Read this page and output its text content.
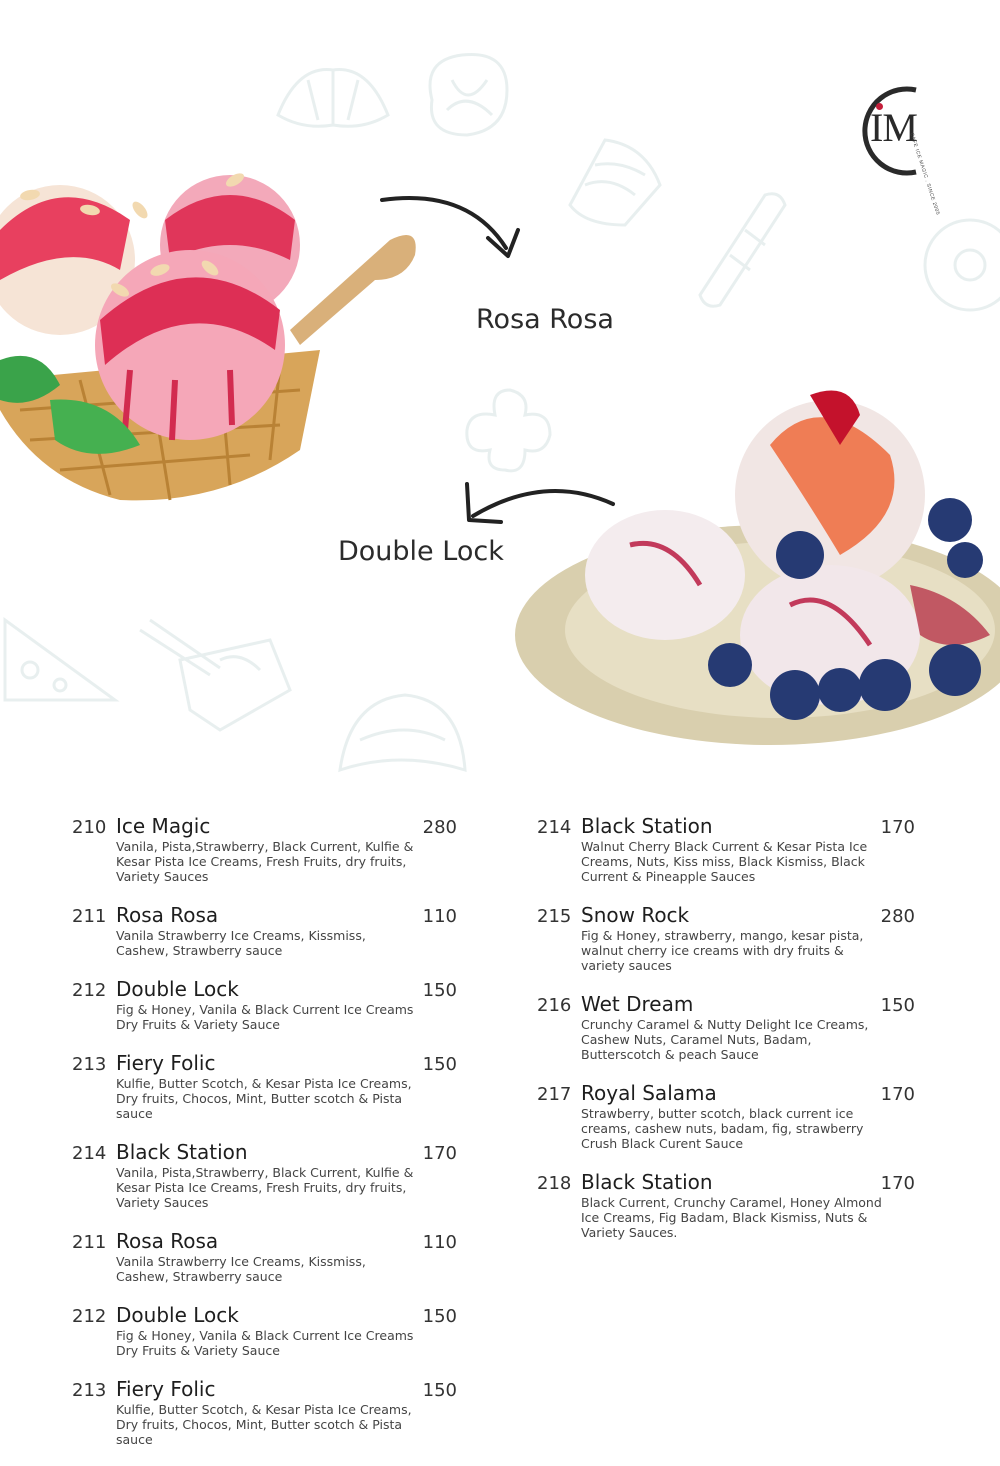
IM
CAFE ICE MAGIC . SINCE 2005
Rosa Rosa
Double Lock
210 Ice Magic	280
Vanila, Pista,Strawberry, Black Current, Kulfie & Kesar Pista Ice Creams, Fresh Fruits, dry fruits, Variety Sauces
211 Rosa Rosa	110
Vanila Strawberry Ice Creams, Kissmiss, Cashew, Strawberry sauce
212 Double Lock	150
Fig & Honey, Vanila & Black Current Ice Creams Dry Fruits & Variety Sauce
213 Fiery Folic	150
Kulfie, Butter Scotch, & Kesar Pista Ice Creams, Dry fruits, Chocos, Mint, Butter scotch & Pista sauce
214 Black Station	170
Vanila, Pista,Strawberry, Black Current, Kulfie & Kesar Pista Ice Creams, Fresh Fruits, dry fruits, Variety Sauces
211 Rosa Rosa	110
Vanila Strawberry Ice Creams, Kissmiss, Cashew, Strawberry sauce
212 Double Lock	150
Fig & Honey, Vanila & Black Current Ice Creams Dry Fruits & Variety Sauce
213 Fiery Folic	150
Kulfie, Butter Scotch, & Kesar Pista Ice Creams, Dry fruits, Chocos, Mint, Butter scotch & Pista sauce
214 Black Station	170
Walnut Cherry Black Current & Kesar Pista Ice Creams, Nuts, Kiss miss, Black Kismiss, Black Current & Pineapple Sauces
215 Snow Rock	280
Fig & Honey, strawberry, mango, kesar pista, walnut cherry ice creams with dry fruits & variety sauces
216 Wet Dream	150
Crunchy Caramel & Nutty Delight Ice Creams, Cashew Nuts, Caramel Nuts, Badam, Butterscotch & peach Sauce
217 Royal Salama	170
Strawberry, butter scotch, black current ice creams, cashew nuts, badam, fig, strawberry Crush Black Curent Sauce
218 Black Station	170
Black Current, Crunchy Caramel, Honey Almond Ice Creams, Fig Badam, Black Kismiss, Nuts & Variety Sauces.
